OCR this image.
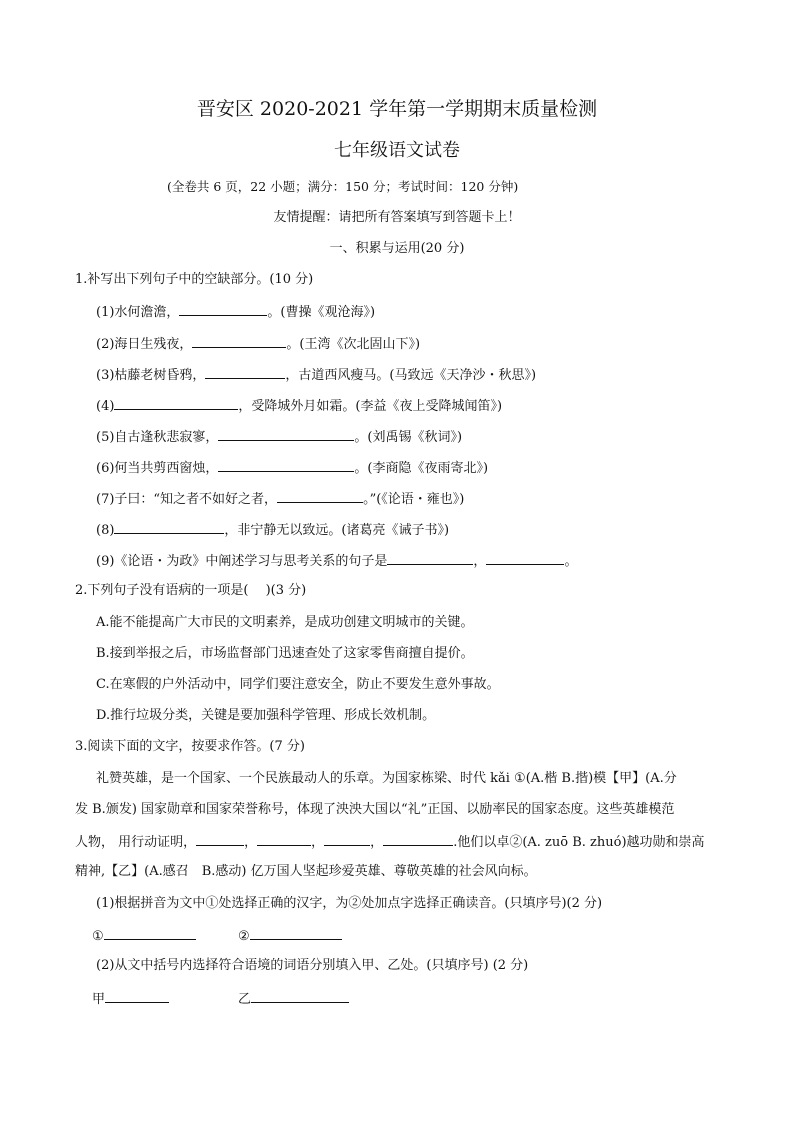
晋安区 2020-2021 学年第一学期期末质量检测
七年级语文试卷
(全卷共 6 页，22 小题；满分：150 分；考试时间：120 分钟)
友情提醒：请把所有答案填写到答题卡上！
一、积累与运用(20 分)
1.补写出下列句子中的空缺部分。(10 分)
(1)水何澹澹，	。(曹操《观沧海》)
(2)海日生残夜，	。(王湾《次北固山下》)
(3)枯藤老树昏鸦，	，古道西风瘦马。(马致远《天净沙・秋思》)
(4)	，受降城外月如霜。(李益《夜上受降城闻笛》)
(5)自古逢秋悲寂寥，	。(刘禹锡《秋词》)
(6)何当共剪西窗烛，	。(李商隐《夜雨寄北》)
(7)子曰：“知之者不如好之者，	。”(《论语・雍也》)
(8)	，非宁静无以致远。(诸葛亮《诫子书》)
(9)《论语・为政》中阐述学习与思考关系的句子是	，	。
2.下列句子没有语病的一项是(　 )(3 分)
A.能不能提高广大市民的文明素养，是成功创建文明城市的关键。
B.接到举报之后，市场监督部门迅速查处了这家零售商擅自提价。
C.在寒假的户外活动中，同学们要注意安全，防止不要发生意外事故。
D.推行垃圾分类，关键是要加强科学管理、形成长效机制。
3.阅读下面的文字，按要求作答。(7 分)
礼赞英雄，是一个国家、一个民族最动人的乐章。为国家栋梁、时代 kǎi ①(A.楷 B.揩)模【甲】(A.分
发 B.颁发) 国家勋章和国家荣誉称号，体现了泱泱大国以“礼”正国、以励率民的国家态度。这些英雄模范
人物， 用行动证明，	，	，	，	.他们以卓②(A. zuō B. zhuó)越功勋和崇高
精神,【乙】(A.感召　B.感动) 亿万国人坚起珍爱英雄、尊敬英雄的社会风向标。
(1)根据拼音为文中①处选择正确的汉字，为②处加点字选择正确读音。(只填序号)(2 分)
①	②
(2)从文中括号内选择符合语境的词语分别填入甲、乙处。(只填序号) (2 分)
甲	乙
